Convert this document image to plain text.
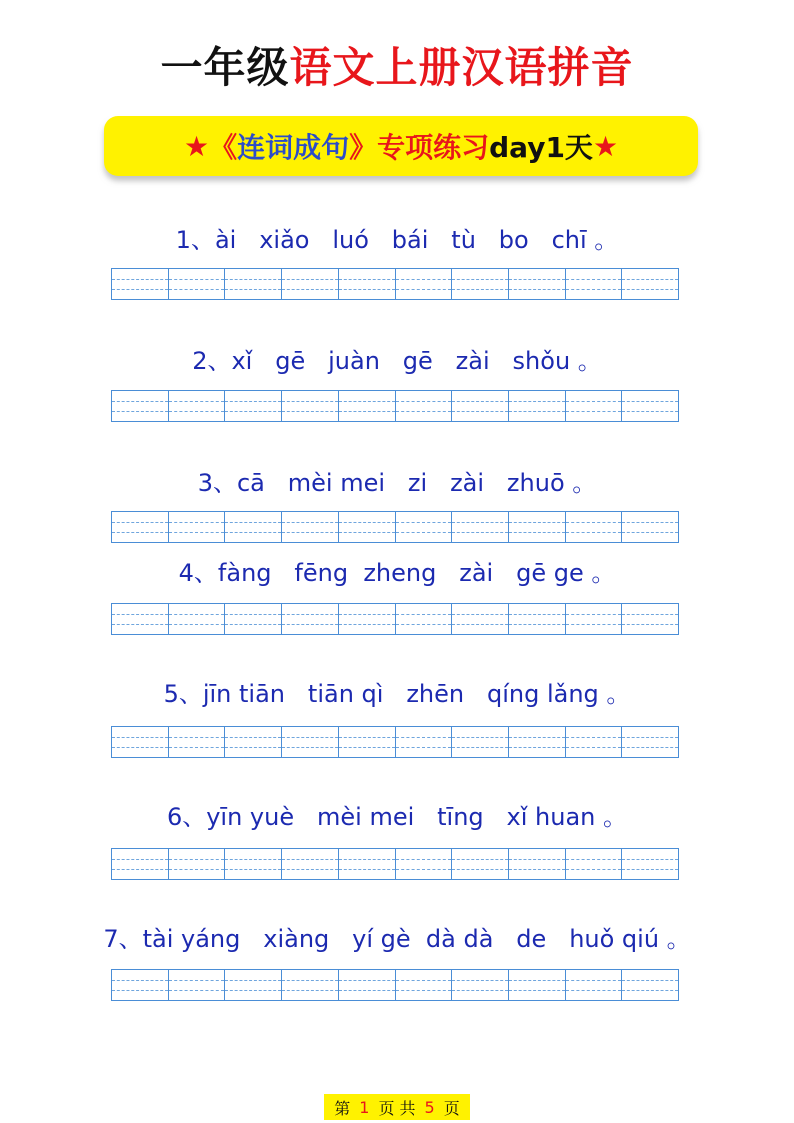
一年级语文上册汉语拼音
★ 《 连词成句 》 专项练习 day1天 ★
1、ài   xiǎo   luó   bái   tù   bo   chī 。
2、xǐ   gē   juàn   gē   zài   shǒu 。
3、cā   mèi mei   zi   zài   zhuō 。
4、fàng   fēng  zheng   zài   gē ge 。
5、jīn tiān   tiān qì   zhēn   qíng lǎng 。
6、yīn yuè   mèi mei   tīng   xǐ huan 。
7、tài yáng   xiàng   yí gè  dà dà   de   huǒ qiú 。
第 1 页 共 5 页
